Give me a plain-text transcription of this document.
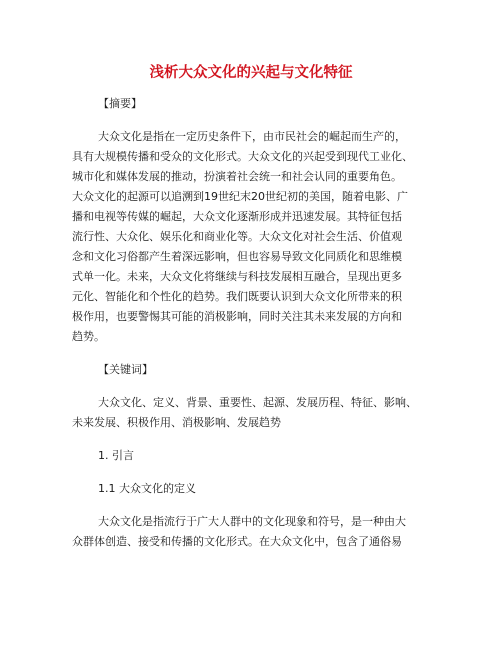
浅析大众文化的兴起与文化特征
【摘要】
大众文化是指在一定历史条件下，由市民社会的崛起而生产的，
具有大规模传播和受众的文化形式。大众文化的兴起受到现代工业化、
城市化和媒体发展的推动，扮演着社会统一和社会认同的重要角色。
大众文化的起源可以追溯到19世纪末20世纪初的美国，随着电影、广
播和电视等传媒的崛起，大众文化逐渐形成并迅速发展。其特征包括
流行性、大众化、娱乐化和商业化等。大众文化对社会生活、价值观
念和文化习俗都产生着深远影响，但也容易导致文化同质化和思维模
式单一化。未来，大众文化将继续与科技发展相互融合，呈现出更多
元化、智能化和个性化的趋势。我们既要认识到大众文化所带来的积
极作用，也要警惕其可能的消极影响，同时关注其未来发展的方向和
趋势。
【关键词】
大众文化、定义、背景、重要性、起源、发展历程、特征、影响、
未来发展、积极作用、消极影响、发展趋势
1. 引言
1.1 大众文化的定义
大众文化是指流行于广大人群中的文化现象和符号，是一种由大
众群体创造、接受和传播的文化形式。在大众文化中，包含了通俗易
